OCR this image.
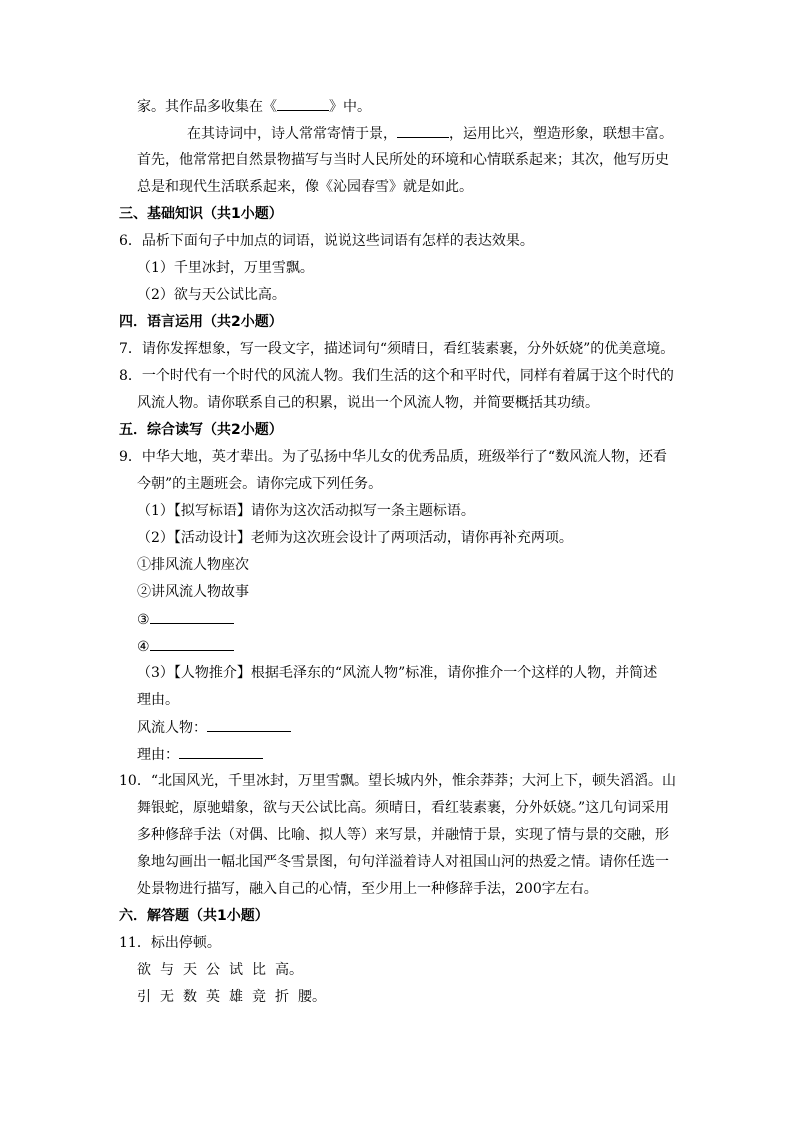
家。其作品多收集在《	》中。
在其诗词中，诗人常常寄情于景，	，运用比兴，塑造形象，联想丰富。
首先，他常常把自然景物描写与当时人民所处的环境和心情联系起来；其次，他写历史
总是和现代生活联系起来，像《沁园春雪》就是如此。
三、基础知识（共1小题）
6．品析下面句子中加点的词语，说说这些词语有怎样的表达效果。
（1）千里冰封，万里雪飘。
（2）欲与天公试比高。
四．语言运用（共2小题）
7．请你发挥想象，写一段文字，描述词句“须晴日，看红装素裹，分外妖娆”的优美意境。
8．一个时代有一个时代的风流人物。我们生活的这个和平时代，同样有着属于这个时代的
风流人物。请你联系自己的积累，说出一个风流人物，并简要概括其功绩。
五．综合读写（共2小题）
9．中华大地，英才辈出。为了弘扬中华儿女的优秀品质，班级举行了“数风流人物，还看
今朝”的主题班会。请你完成下列任务。
（1）【拟写标语】请你为这次活动拟写一条主题标语。
（2）【活动设计】老师为这次班会设计了两项活动，请你再补充两项。
①排风流人物座次
②讲风流人物故事
③
④
（3）【人物推介】根据毛泽东的“风流人物”标准，请你推介一个这样的人物，并简述
理由。
风流人物：
理由：
10．“北国风光，千里冰封，万里雪飘。望长城内外，惟余莽莽；大河上下，顿失滔滔。山
舞银蛇，原驰蜡象，欲与天公试比高。须晴日，看红装素裹，分外妖娆。”这几句词采用
多种修辞手法（对偶、比喻、拟人等）来写景，并融情于景，实现了情与景的交融，形
象地勾画出一幅北国严冬雪景图，句句洋溢着诗人对祖国山河的热爱之情。请你任选一
处景物进行描写，融入自己的心情，至少用上一种修辞手法，200字左右。
六．解答题（共1小题）
11．标出停顿。
欲 与 天 公 试 比 高。
引 无 数 英 雄 竞 折 腰。
